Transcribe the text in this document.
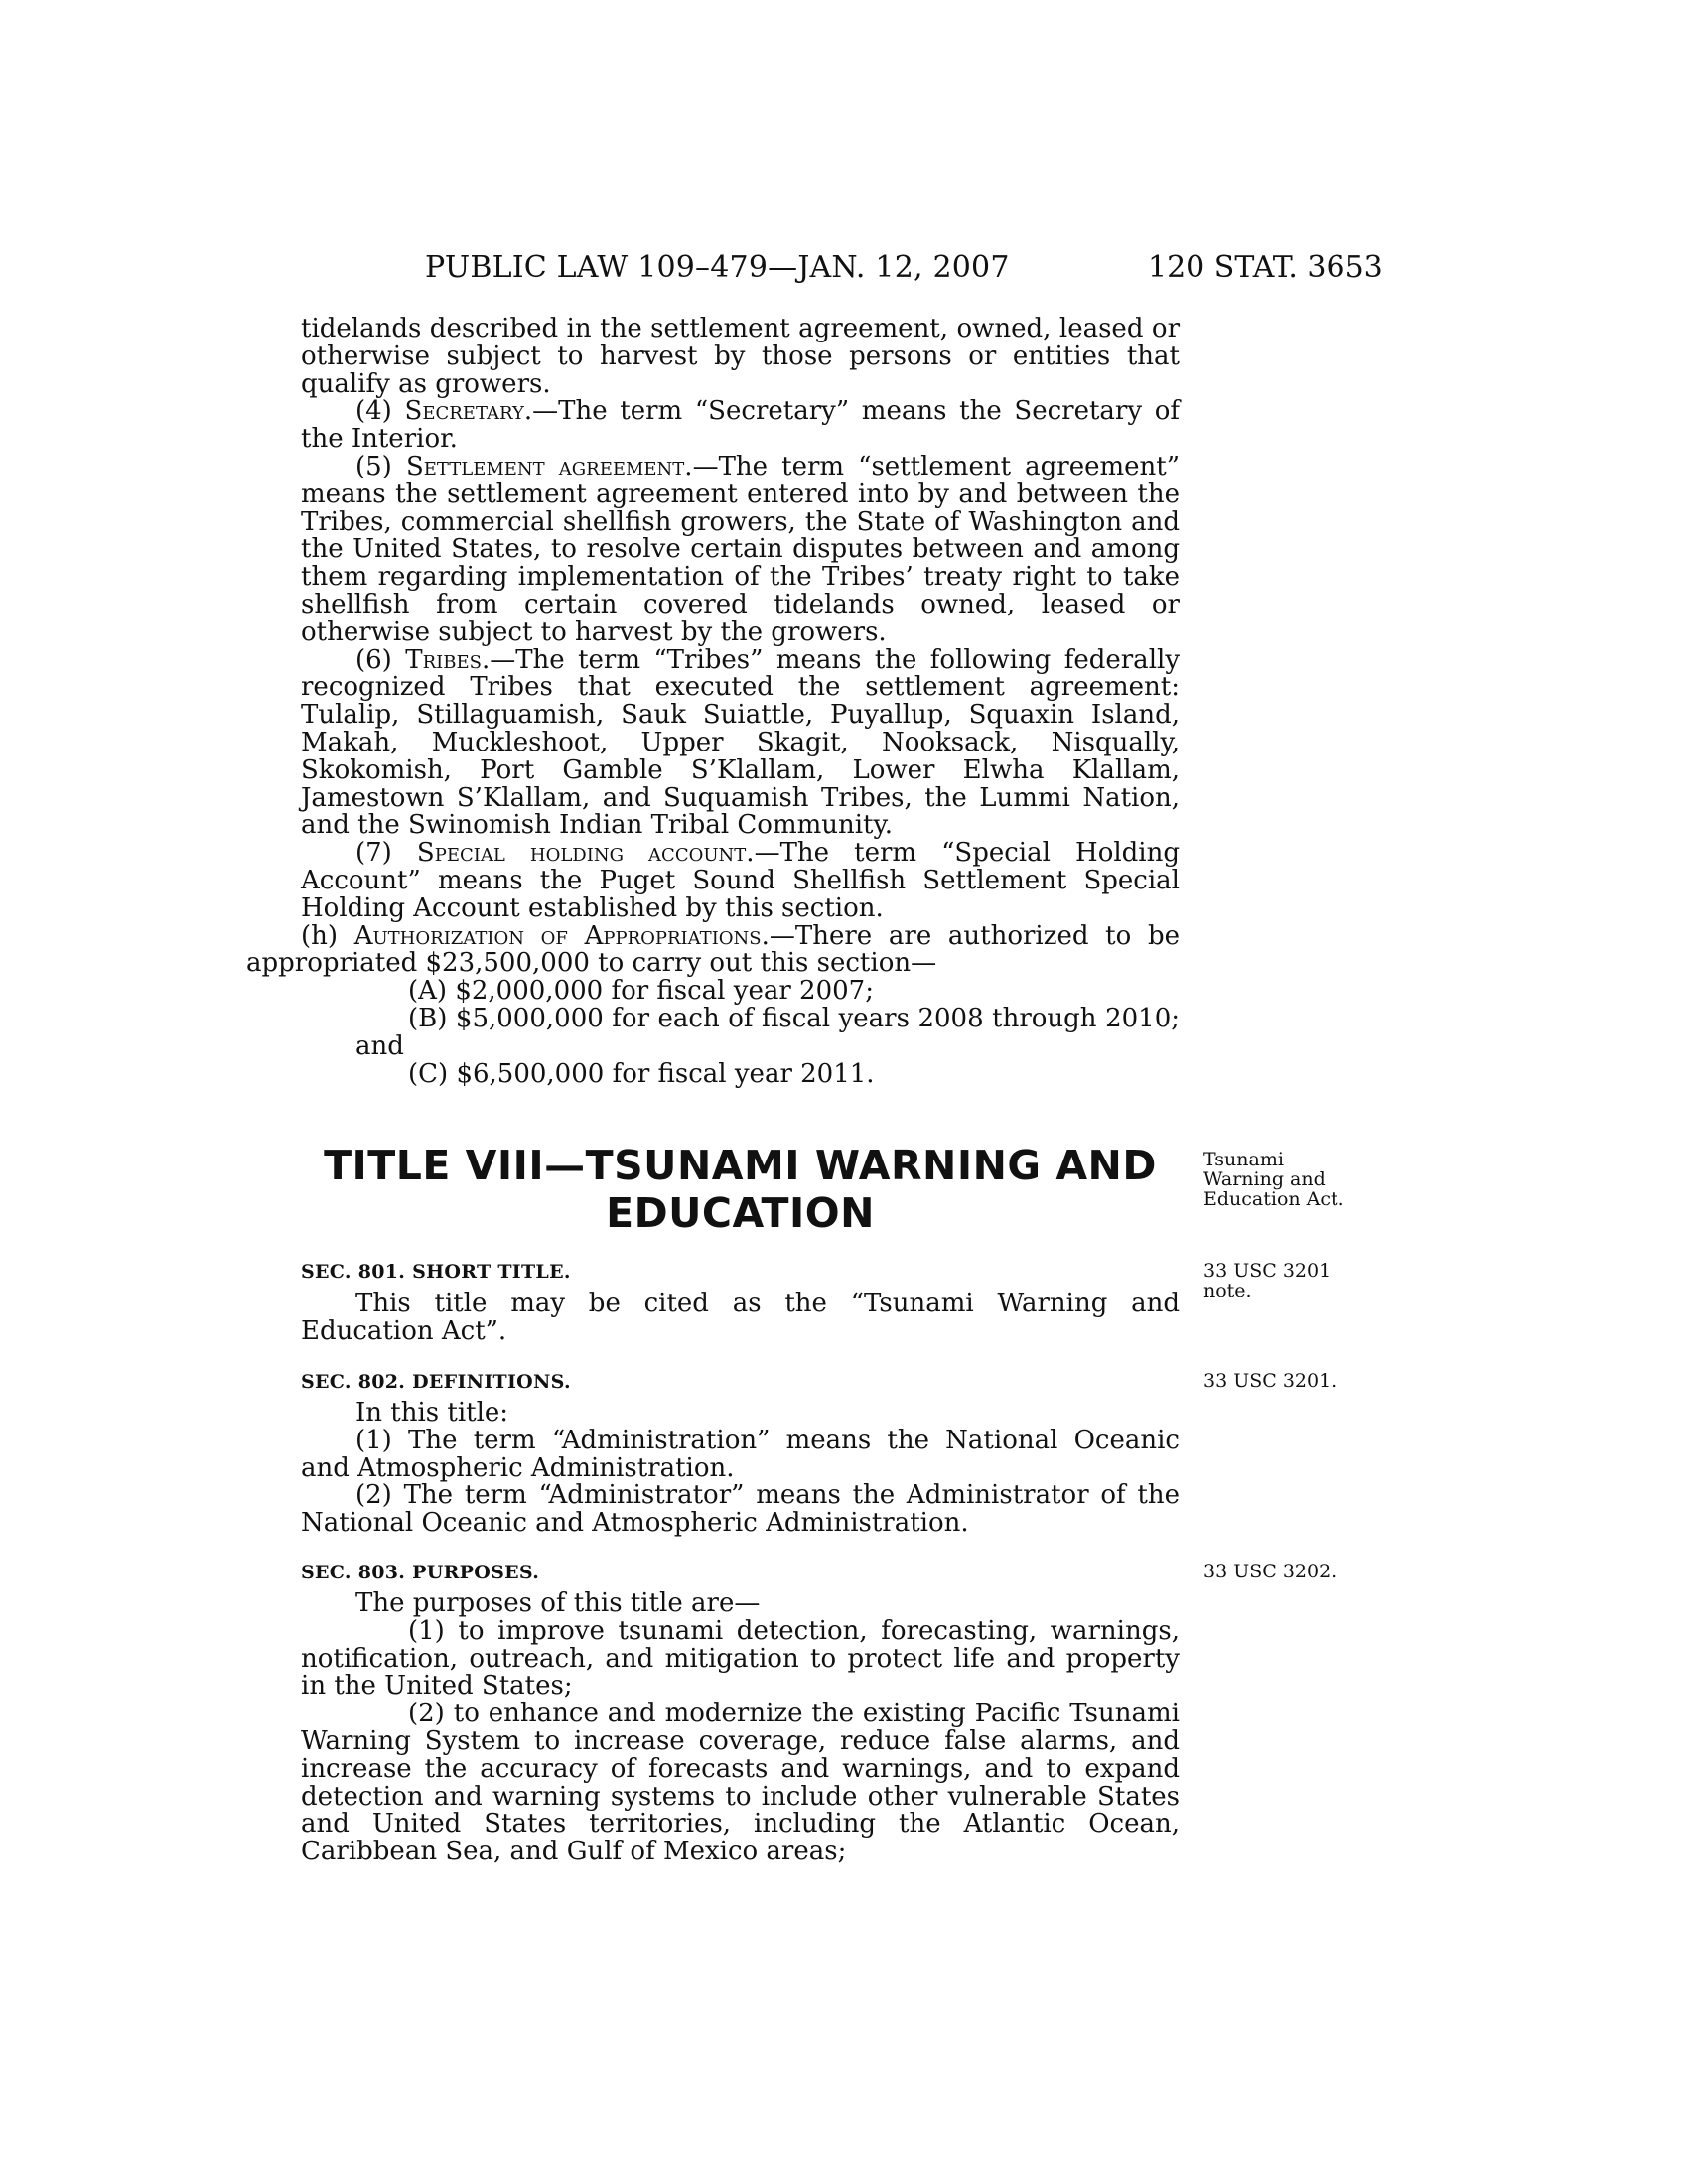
PUBLIC LAW 109–479—JAN. 12, 2007	120 STAT. 3653

tidelands described in the settlement agreement, owned, leased or otherwise subject to harvest by those persons or entities that qualify as growers.

(4) Secretary.—The term “Secretary” means the Secretary of the Interior.

(5) Settlement agreement.—The term “settlement agreement” means the settlement agreement entered into by and between the Tribes, commercial shellfish growers, the State of Washington and the United States, to resolve certain disputes between and among them regarding implementation of the Tribes’ treaty right to take shellfish from certain covered tidelands owned, leased or otherwise subject to harvest by the growers.

(6) Tribes.—The term “Tribes” means the following federally recognized Tribes that executed the settlement agreement: Tulalip, Stillaguamish, Sauk Suiattle, Puyallup, Squaxin Island, Makah, Muckleshoot, Upper Skagit, Nooksack, Nisqually, Skokomish, Port Gamble S’Klallam, Lower Elwha Klallam, Jamestown S’Klallam, and Suquamish Tribes, the Lummi Nation, and the Swinomish Indian Tribal Community.

(7) Special holding account.—The term “Special Holding Account” means the Puget Sound Shellfish Settlement Special Holding Account established by this section.

(h) Authorization of Appropriations.—There are authorized to be appropriated $23,500,000 to carry out this section—

(A) $2,000,000 for fiscal year 2007;

(B) $5,000,000 for each of fiscal years 2008 through 2010; and

(C) $6,500,000 for fiscal year 2011.

TITLE VIII—TSUNAMI WARNING AND
EDUCATION
Tsunami Warning and Education Act.
SEC. 801. SHORT TITLE.	33 USC 3201 note.

This title may be cited as the “Tsunami Warning and Education Act”.

SEC. 802. DEFINITIONS.	33 USC 3201.

In this title:

(1) The term “Administration” means the National Oceanic and Atmospheric Administration.

(2) The term “Administrator” means the Administrator of the National Oceanic and Atmospheric Administration.

SEC. 803. PURPOSES.	33 USC 3202.

The purposes of this title are—

(1) to improve tsunami detection, forecasting, warnings, notification, outreach, and mitigation to protect life and property in the United States;

(2) to enhance and modernize the existing Pacific Tsunami Warning System to increase coverage, reduce false alarms, and increase the accuracy of forecasts and warnings, and to expand detection and warning systems to include other vulnerable States and United States territories, including the Atlantic Ocean, Caribbean Sea, and Gulf of Mexico areas;
